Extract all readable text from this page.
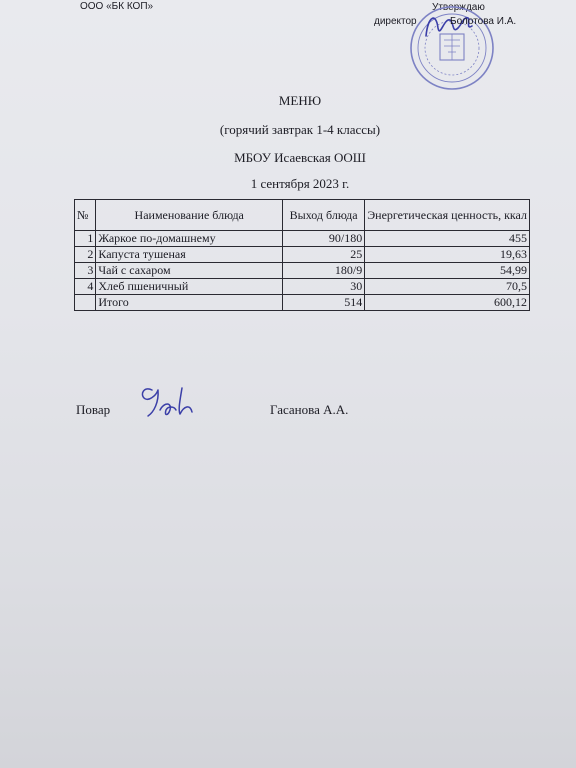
ООО «БК КОП»	Утверждаю
директор	Болотова И.А.
МЕНЮ
(горячий завтрак 1-4 классы)
МБОУ Исаевская ООШ
1 сентября 2023 г.
№	Наименование блюда	Выход блюда	Энергетическая ценность, ккал
1	Жаркое по-домашнему	90/180	455
2	Капуста тушеная	25	19,63
3	Чай с сахаром	180/9	54,99
4	Хлеб пшеничный	30	70,5
	Итого	514	600,12
Повар	Гасанова А.А.
